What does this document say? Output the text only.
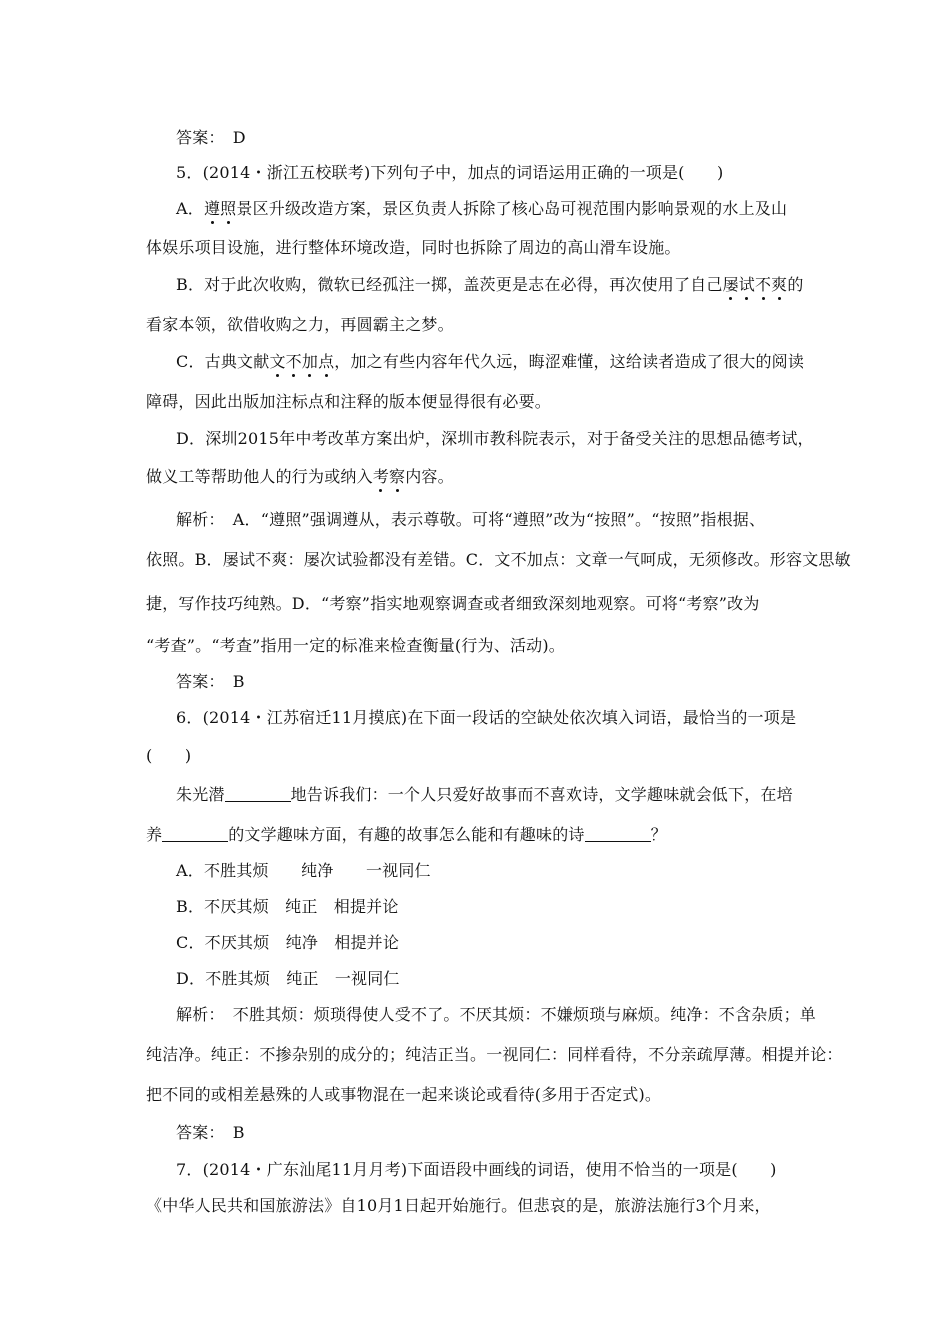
答案：　D
5．(2014・浙江五校联考)下列句子中，加点的词语运用正确的一项是(　　)
A．遵照景区升级改造方案，景区负责人拆除了核心岛可视范围内影响景观的水上及山
体娱乐项目设施，进行整体环境改造，同时也拆除了周边的高山滑车设施。
B．对于此次收购，微软已经孤注一掷，盖茨更是志在必得，再次使用了自己屡试不爽的
看家本领，欲借收购之力，再圆霸主之梦。
C．古典文献文不加点，加之有些内容年代久远，晦涩难懂，这给读者造成了很大的阅读
障碍，因此出版加注标点和注释的版本便显得很有必要。
D．深圳2015年中考改革方案出炉，深圳市教科院表示，对于备受关注的思想品德考试，
做义工等帮助他人的行为或纳入考察内容。
解析：　A．“遵照”强调遵从，表示尊敬。可将“遵照”改为“按照”。“按照”指根据、
依照。B．屡试不爽：屡次试验都没有差错。C．文不加点：文章一气呵成，无须修改。形容文思敏
捷，写作技巧纯熟。D．“考察”指实地观察调查或者细致深刻地观察。可将“考察”改为
“考查”。“考查”指用一定的标准来检查衡量(行为、活动)。
答案：　B
6．(2014・江苏宿迁11月摸底)在下面一段话的空缺处依次填入词语，最恰当的一项是
(　　)
朱光潜	地告诉我们：一个人只爱好故事而不喜欢诗，文学趣味就会低下，在培
养	的文学趣味方面，有趣的故事怎么能和有趣味的诗	？
A．不胜其烦　　纯净　　一视同仁
B．不厌其烦　纯正　相提并论
C．不厌其烦　纯净　相提并论
D．不胜其烦　纯正　一视同仁
解析：　不胜其烦：烦琐得使人受不了。不厌其烦：不嫌烦琐与麻烦。纯净：不含杂质；单
纯洁净。纯正：不掺杂别的成分的；纯洁正当。一视同仁：同样看待，不分亲疏厚薄。相提并论：
把不同的或相差悬殊的人或事物混在一起来谈论或看待(多用于否定式)。
答案：　B
7．(2014・广东汕尾11月月考)下面语段中画线的词语，使用不恰当的一项是(　　)
《中华人民共和国旅游法》自10月1日起开始施行。但悲哀的是，旅游法施行3个月来，
